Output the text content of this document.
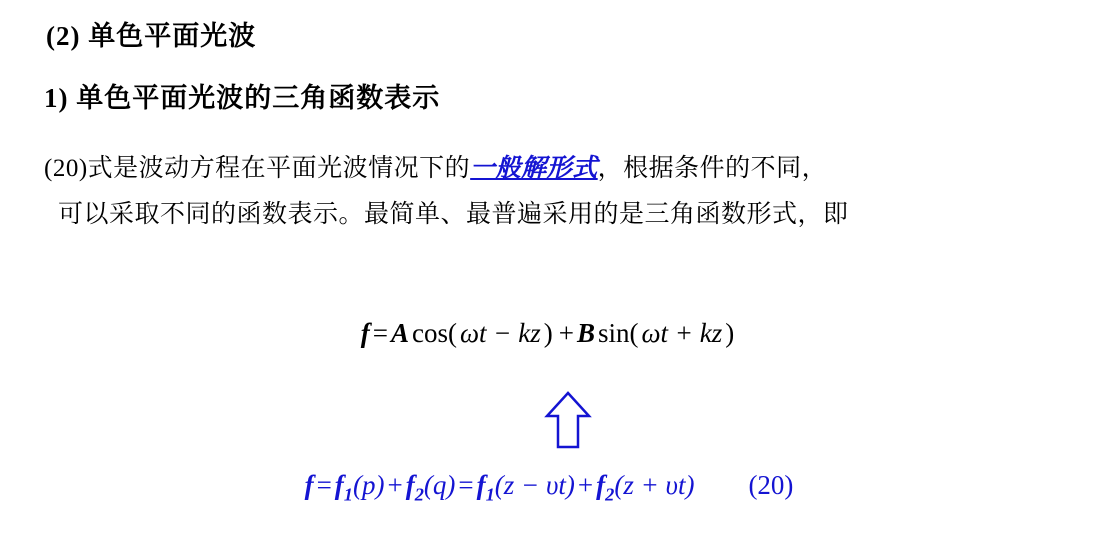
(2) 单色平面光波
1) 单色平面光波的三角函数表示
(20)式是波动方程在平面光波情况下的一般解形式，根据条件的不同，
可以采取不同的函数表示。最简单、最普遍采用的是三角函数形式，即
f = A cos( ωt − kz ) + B sin( ωt + kz )
$f = f_1(p) + f_2(q) = f_1(z - \upsilon t) + f_2(z + \upsilon t)$ (20)
